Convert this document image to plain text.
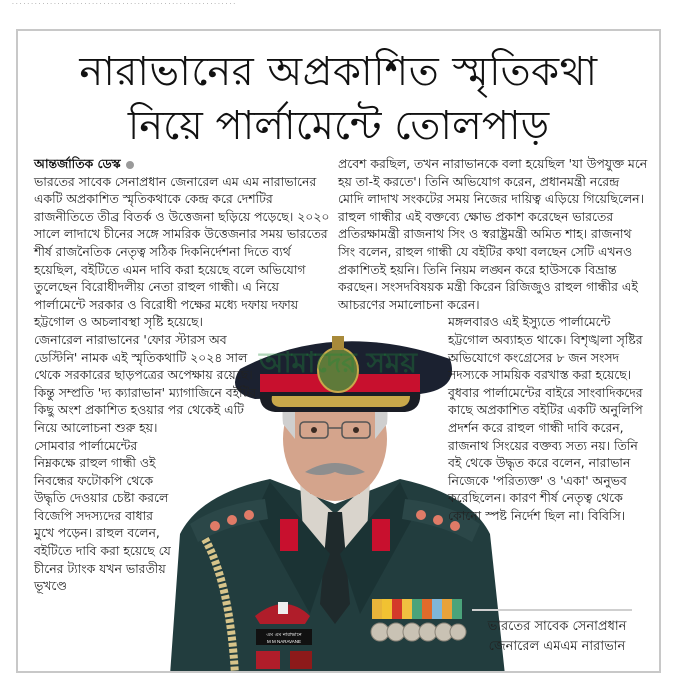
. . . . . . . . . . . . . . . . . . . . . . . . . . . . . . . . . . . . . . . . . . . . . . . . . . . . . . . . . . .
নারাভানের অপ্রকাশিত স্মৃতিকথা
নিয়ে পার্লামেন্টে তোলপাড়
এম এম নারাভানে
M M NARAVANE
আমাদের সময়
আন্তর্জাতিক ডেস্ক

ভারতের সাবেক সেনাপ্রধান জেনারেল এম এম নারাভানের একটি অপ্রকাশিত স্মৃতিকথাকে কেন্দ্র করে দেশটির রাজনীতিতে তীব্র বিতর্ক ও উত্তেজনা ছড়িয়ে পড়েছে। ২০২০ সালে লাদাখে চীনের সঙ্গে সামরিক উত্তেজনার সময় ভারতের শীর্ষ রাজনৈতিক নেতৃত্ব সঠিক দিকনির্দেশনা দিতে ব্যর্থ হয়েছিল, বইটিতে এমন দাবি করা হয়েছে বলে অভিযোগ তুলেছেন বিরোধীদলীয় নেতা রাহুল গান্ধী। এ নিয়ে পার্লামেন্টে সরকার ও বিরোধী পক্ষের মধ্যে দফায় দফায় হট্টগোল ও অচলাবস্থা সৃষ্টি হয়েছে।

জেনারেল নারাভানের 'ফোর স্টারস অব ডেস্টিনি' নামক এই স্মৃতিকথাটি ২০২৪ সাল থেকে সরকারের ছাড়পত্রের অপেক্ষায় রয়েছে। কিন্তু সম্প্রতি 'দ্য ক্যারাভান' ম্যাগাজিনে বইটির কিছু অংশ প্রকাশিত হওয়ার পর থেকেই এটি নিয়ে আলোচনা শুরু হয়।

সোমবার পার্লামেন্টের নিম্নকক্ষে রাহুল গান্ধী ওই নিবন্ধের ফটোকপি থেকে উদ্ধৃতি দেওয়ার চেষ্টা করলে বিজেপি সদস্যদের বাধার মুখে পড়েন। রাহুল বলেন, বইটিতে দাবি করা হয়েছে যে চীনের ট্যাংক যখন ভারতীয় ভূখণ্ডে

প্রবেশ করছিল, তখন নারাভানকে বলা হয়েছিল 'যা উপযুক্ত মনে হয় তা-ই করতে'। তিনি অভিযোগ করেন, প্রধানমন্ত্রী নরেন্দ্র মোদি লাদাখ সংকটের সময় নিজের দায়িত্ব এড়িয়ে গিয়েছিলেন।

রাহুল গান্ধীর এই বক্তব্যে ক্ষোভ প্রকাশ করেছেন ভারতের প্রতিরক্ষামন্ত্রী রাজনাথ সিং ও স্বরাষ্ট্রমন্ত্রী অমিত শাহ। রাজনাথ সিং বলেন, রাহুল গান্ধী যে বইটির কথা বলছেন সেটি এখনও প্রকাশিতই হয়নি। তিনি নিয়ম লঙ্ঘন করে হাউসকে বিভ্রান্ত করছেন। সংসদবিষয়ক মন্ত্রী কিরেন রিজিজুও রাহুল গান্ধীর এই আচরণের সমালোচনা করেন।

মঙ্গলবারও এই ইস্যুতে পার্লামেন্টে হট্টগোল অব্যাহত থাকে। বিশৃঙ্খলা সৃষ্টির অভিযোগে কংগ্রেসের ৮ জন সংসদ সদস্যকে সাময়িক বরখাস্ত করা হয়েছে। বুধবার পার্লামেন্টের বাইরে সাংবাদিকদের কাছে অপ্রকাশিত বইটির একটি অনুলিপি প্রদর্শন করে রাহুল গান্ধী দাবি করেন, রাজনাথ সিংয়ের বক্তব্য সত্য নয়। তিনি বই থেকে উদ্ধৃত করে বলেন, নারাভান নিজেকে 'পরিত্যক্ত' ও 'একা' অনুভব করেছিলেন। কারণ শীর্ষ নেতৃত্ব থেকে কোনো স্পষ্ট নির্দেশ ছিল না। বিবিসি।

ভারতের সাবেক সেনাপ্রধান
জেনারেল এমএম নারাভান
